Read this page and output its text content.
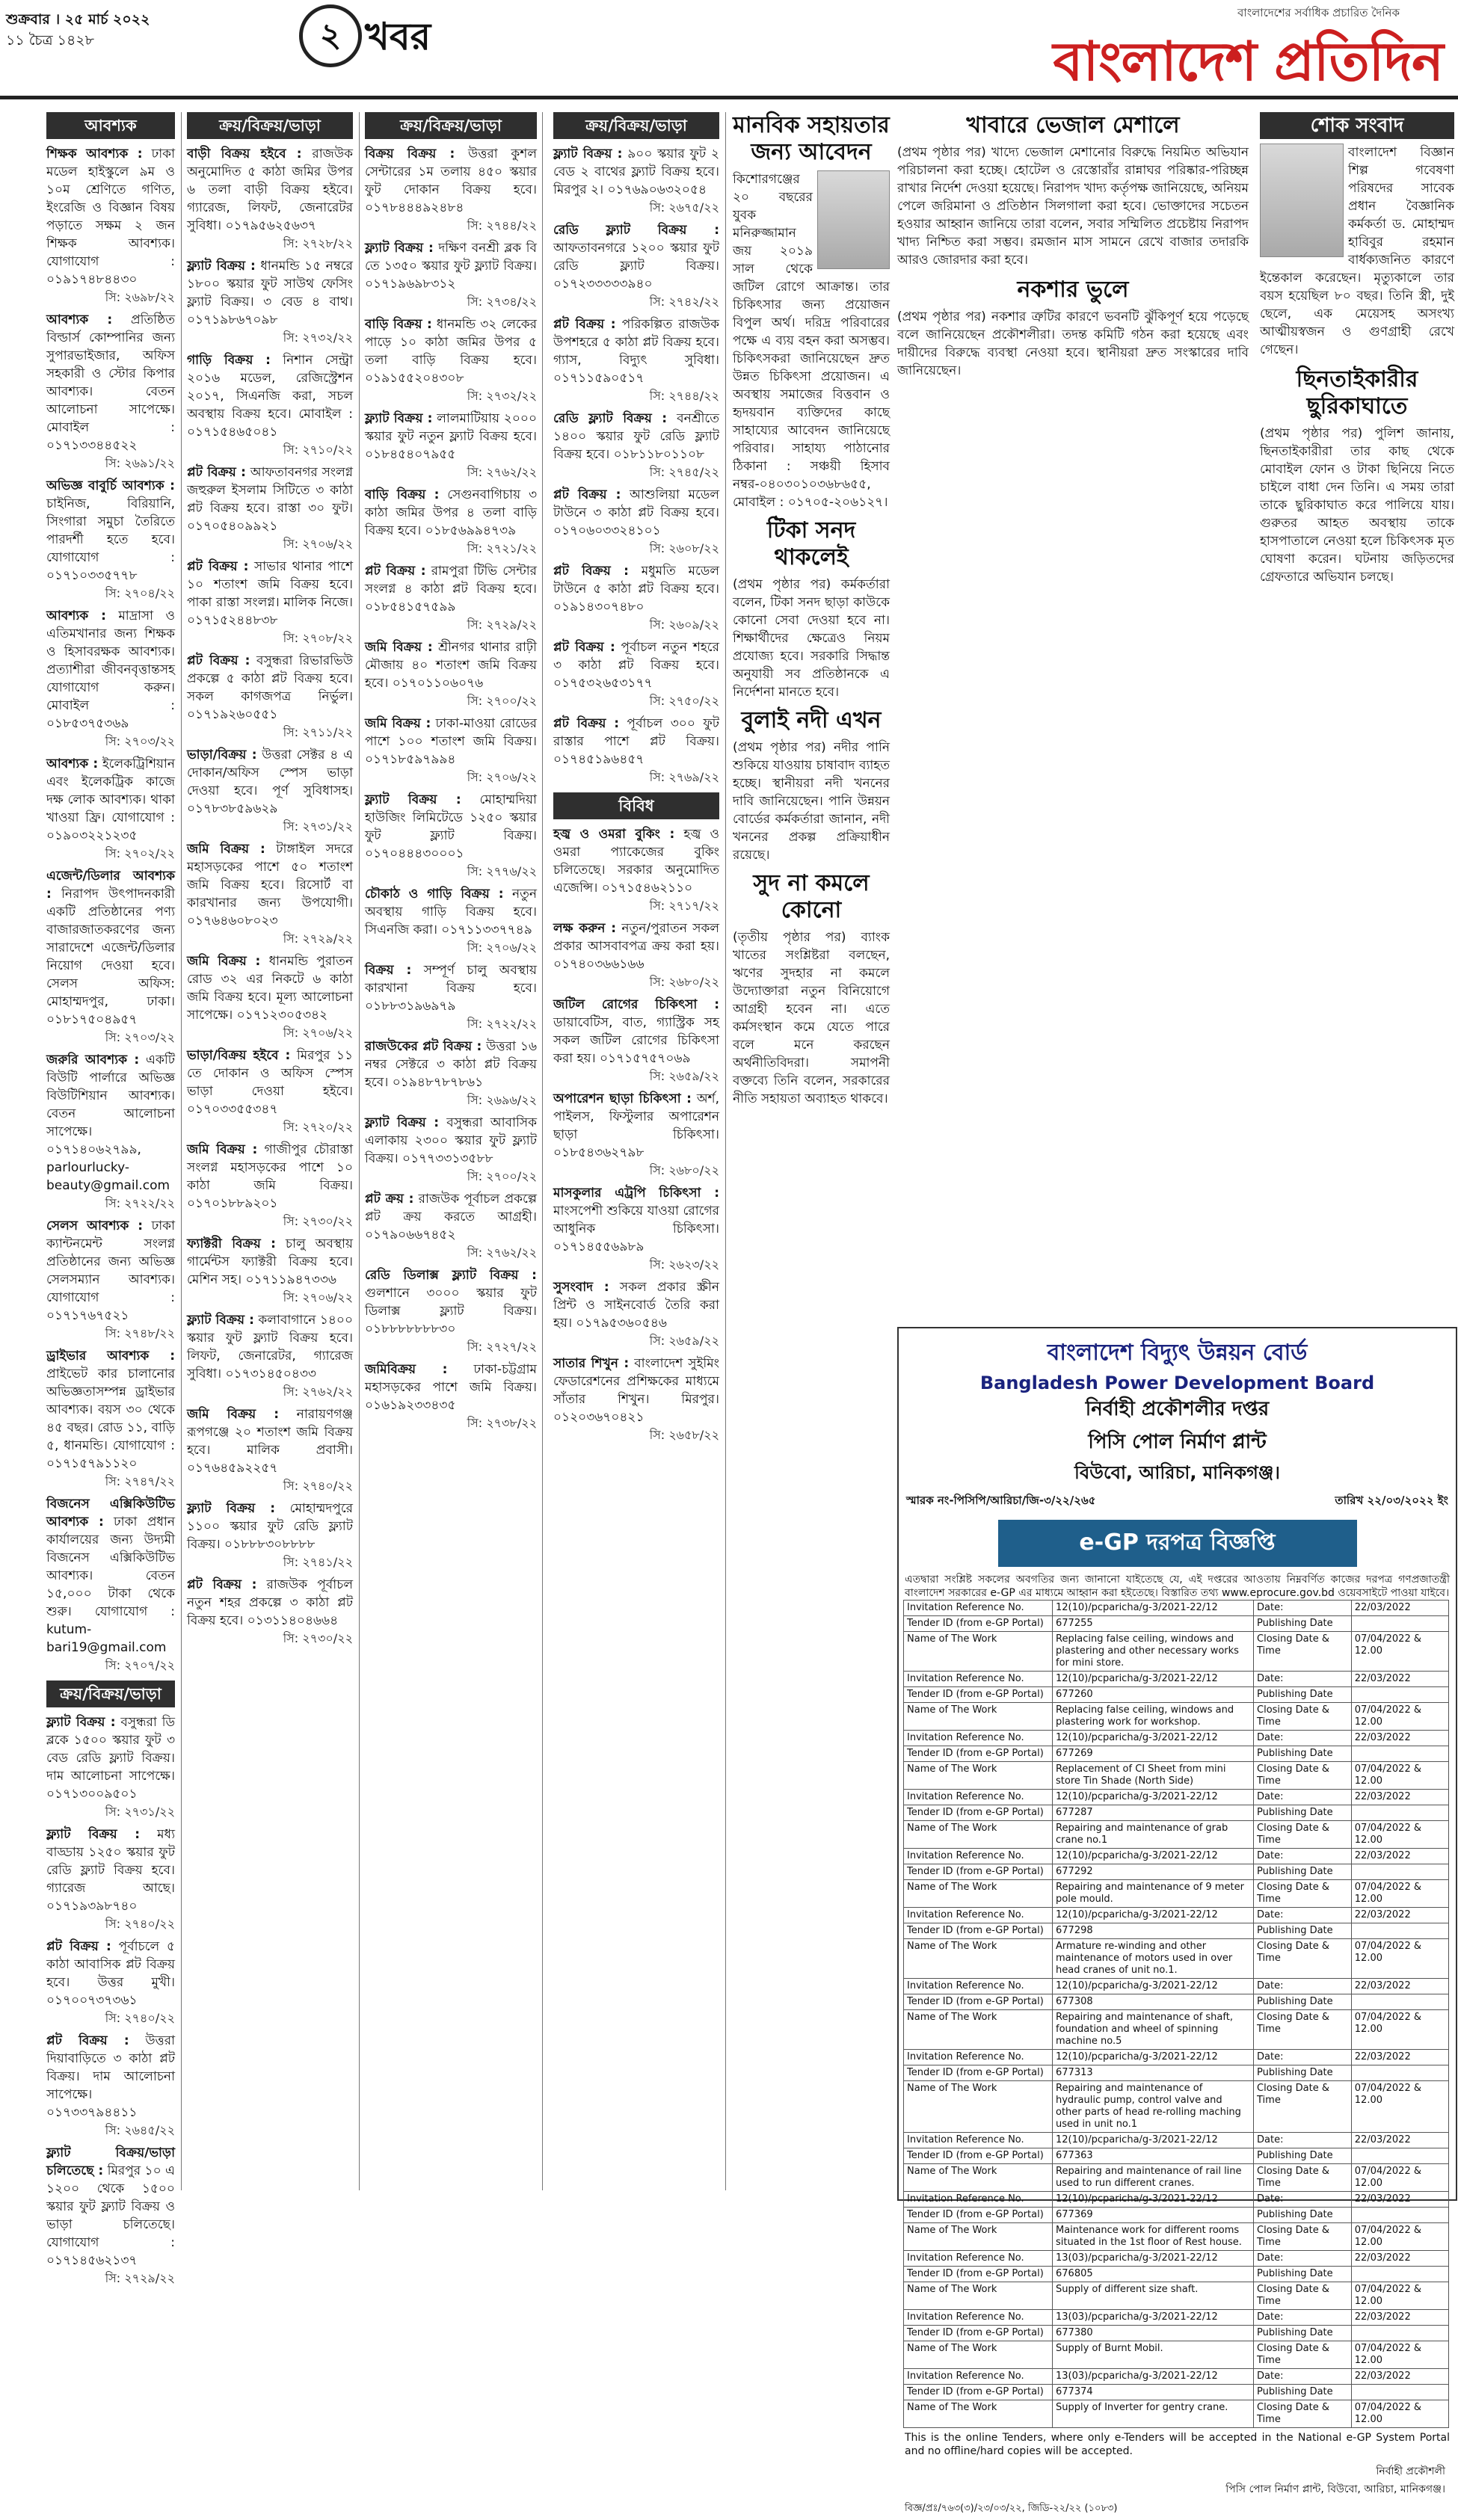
শুক্রবার । ২৫ মার্চ ২০২২
১১ চৈত্র ১৪২৮	২ খবর
বাংলাদেশের সর্বাধিক প্রচারিত দৈনিক
বাংলাদেশ প্রতিদিন
আবশ্যক
শিক্ষক আবশ্যক : ঢাকা মডেল হাইস্কুলে ৯ম ও ১০ম শ্রেণিতে গণিত, ইংরেজি ও বিজ্ঞান বিষয় পড়াতে সক্ষম ২ জন শিক্ষক আবশ্যক। যোগাযোগ : ০১৯১৭৪৮৪৪৩০
সি: ২৬৯৮/২২
আবশ্যক : প্রতিষ্ঠিত বিল্ডার্স কোম্পানির জন্য সুপারভাইজার, অফিস সহকারী ও স্টোর কিপার আবশ্যক। বেতন আলোচনা সাপেক্ষে। মোবাইল : ০১৭১৩৩৪৪৫২২
সি: ২৬৯১/২২
অভিজ্ঞ বাবুর্চি আবশ্যক : চাইনিজ, বিরিয়ানি, সিংগারা সমুচা তৈরিতে পারদর্শী হতে হবে। যোগাযোগ : ০১৭১০৩৩৫৭৭৮
সি: ২৭০৪/২২
আবশ্যক : মাদ্রাসা ও এতিমখানার জন্য শিক্ষক ও হিসাবরক্ষক আবশ্যক। প্রত্যাশীরা জীবনবৃত্তান্তসহ যোগাযোগ করুন। মোবাইল : ০১৮৫৩৭৫৩৬৯
সি: ২৭০৩/২২
আবশ্যক : ইলেকট্রিশিয়ান এবং ইলেকট্রিক কাজে দক্ষ লোক আবশ্যক। থাকা খাওয়া ফ্রি। যোগাযোগ : ০১৯০৩২২১২৩৫
সি: ২৭০২/২২
এজেন্ট/ডিলার আবশ্যক : নিরাপদ উৎপাদনকারী একটি প্রতিষ্ঠানের পণ্য বাজারজাতকরণের জন্য সারাদেশে এজেন্ট/ডিলার নিয়োগ দেওয়া হবে। সেলস অফিস: মোহাম্মদপুর, ঢাকা। ০১৮১৭৫০৪৯৫৭
সি: ২৭০৩/২২
জরুরি আবশ্যক : একটি বিউটি পার্লারে অভিজ্ঞ বিউটিশিয়ান আবশ্যক। বেতন আলোচনা সাপেক্ষে। ০১৭১৪০৬২৭৯৯, parlourlucky-beauty@gmail.com
সি: ২৭২২/২২
সেলস আবশ্যক : ঢাকা ক্যান্টনমেন্ট সংলগ্ন প্রতিষ্ঠানের জন্য অভিজ্ঞ সেলসম্যান আবশ্যক। যোগাযোগ : ০১৭১৭৬৭৫২১
সি: ২৭৪৮/২২
ড্রাইভার আবশ্যক : প্রাইভেট কার চালানোর অভিজ্ঞতাসম্পন্ন ড্রাইভার আবশ্যক। বয়স ৩০ থেকে ৪৫ বছর। রোড ১১, বাড়ি ৫, ধানমন্ডি। যোগাযোগ : ০১৭১৫৭৯১১২০
সি: ২৭৪৭/২২
বিজনেস এক্সিকিউটিভ আবশ্যক : ঢাকা প্রধান কার্যালয়ের জন্য উদ্যমী বিজনেস এক্সিকিউটিভ আবশ্যক। বেতন ১৫,০০০ টাকা থেকে শুরু। যোগাযোগ : kutum-bari19@gmail.com
সি: ২৭০৭/২২
ক্রয়/বিক্রয়/ভাড়া
ফ্ল্যাট বিক্রয় : বসুন্ধরা ডি ব্লকে ১৫০০ স্কয়ার ফুট ৩ বেড রেডি ফ্ল্যাট বিক্রয়। দাম আলোচনা সাপেক্ষে। ০১৭১৩০০৯৫০১
সি: ২৭৩১/২২
ফ্ল্যাট বিক্রয় : মধ্য বাড্ডায় ১২৫০ স্কয়ার ফুট রেডি ফ্ল্যাট বিক্রয় হবে। গ্যারেজ আছে। ০১৭১৯৩৯৮৭৪০
সি: ২৭৪০/২২
প্লট বিক্রয় : পূর্বাচলে ৫ কাঠা আবাসিক প্লট বিক্রয় হবে। উত্তর মুখী। ০১৭০০৭৩৭৩৬১
সি: ২৭৪০/২২
প্লট বিক্রয় : উত্তরা দিয়াবাড়িতে ৩ কাঠা প্লট বিক্রয়। দাম আলোচনা সাপেক্ষে। ০১৭৩৩৭৯৪৪১১
সি: ২৬৪৫/২২
ফ্ল্যাট বিক্রয়/ভাড়া চলিতেছে : মিরপুর ১০ এ ১২০০ থেকে ১৫০০ স্কয়ার ফুট ফ্ল্যাট বিক্রয় ও ভাড়া চলিতেছে। যোগাযোগ : ০১৭১৪৫৬২১৩৭
সি: ২৭২৯/২২
ক্রয়/বিক্রয়/ভাড়া
বাড়ী বিক্রয় হইবে : রাজউক অনুমোদিত ৫ কাঠা জমির উপর ৬ তলা বাড়ী বিক্রয় হইবে। গ্যারেজ, লিফট, জেনারেটর সুবিধা। ০১৭৯৫৬২৫৬৩৭
সি: ২৭২৮/২২
ফ্ল্যাট বিক্রয় : ধানমন্ডি ১৫ নম্বরে ১৮০০ স্কয়ার ফুট সাউথ ফেসিং ফ্ল্যাট বিক্রয়। ৩ বেড ৪ বাথ। ০১৭১৯৮৬৭০৯৮
সি: ২৭৩২/২২
গাড়ি বিক্রয় : নিশান সেন্ট্রা ২০১৬ মডেল, রেজিস্ট্রেশন ২০১৭, সিএনজি করা, সচল অবস্থায় বিক্রয় হবে। মোবাইল : ০১৭১৫৪৬৫০৪১
সি: ২৭১০/২২
প্লট বিক্রয় : আফতাবনগর সংলগ্ন জহুরুল ইসলাম সিটিতে ৩ কাঠা প্লট বিক্রয় হবে। রাস্তা ৩০ ফুট। ০১৭০৫৪০৯৯২১
সি: ২৭০৬/২২
প্লট বিক্রয় : সাভার থানার পাশে ১০ শতাংশ জমি বিক্রয় হবে। পাকা রাস্তা সংলগ্ন। মালিক নিজে। ০১৭১৫২৪৪৮৩৮
সি: ২৭০৮/২২
প্লট বিক্রয় : বসুন্ধরা রিভারভিউ প্রকল্পে ৫ কাঠা প্লট বিক্রয় হবে। সকল কাগজপত্র নির্ভুল। ০১৭১৯২৬০৫৫১
সি: ২৭১১/২২
ভাড়া/বিক্রয় : উত্তরা সেক্টর ৪ এ দোকান/অফিস স্পেস ভাড়া দেওয়া হবে। পূর্ণ সুবিধাসহ। ০১৭৮৩৮৫৯৬২৯
সি: ২৭৩১/২২
জমি বিক্রয় : টাঙ্গাইল সদরে মহাসড়কের পাশে ৫০ শতাংশ জমি বিক্রয় হবে। রিসোর্ট বা কারখানার জন্য উপযোগী। ০১৭৬৪৬০৮০২৩
সি: ২৭২৯/২২
জমি বিক্রয় : ধানমন্ডি পুরাতন রোড ৩২ এর নিকটে ৬ কাঠা জমি বিক্রয় হবে। মূল্য আলোচনা সাপেক্ষে। ০১৭১২৩০৫৩৪২
সি: ২৭০৬/২২
ভাড়া/বিক্রয় হইবে : মিরপুর ১১ তে দোকান ও অফিস স্পেস ভাড়া দেওয়া হইবে। ০১৭০৩৩৫৫৩৪৭
সি: ২৭২০/২২
জমি বিক্রয় : গাজীপুর চৌরাস্তা সংলগ্ন মহাসড়কের পাশে ১০ কাঠা জমি বিক্রয়। ০১৭০১৮৮৯২০১
সি: ২৭৩০/২২
ফ্যাক্টরী বিক্রয় : চালু অবস্থায় গার্মেন্টস ফ্যাক্টরী বিক্রয় হবে। মেশিন সহ। ০১৭১১৯৪৭৩৩৬
সি: ২৭০৬/২২
ফ্ল্যাট বিক্রয় : কলাবাগানে ১৪০০ স্কয়ার ফুট ফ্ল্যাট বিক্রয় হবে। লিফট, জেনারেটর, গ্যারেজ সুবিধা। ০১৭৩১৪৫০৪৩৩
সি: ২৭৬২/২২
জমি বিক্রয় : নারায়ণগঞ্জ রূপগঞ্জে ২০ শতাংশ জমি বিক্রয় হবে। মালিক প্রবাসী। ০১৭৬৪৫৯২২৫৭
সি: ২৭৪০/২২
ফ্ল্যাট বিক্রয় : মোহাম্মদপুরে ১১০০ স্কয়ার ফুট রেডি ফ্ল্যাট বিক্রয়। ০১৮৮৮৩০৮৮৮৮
সি: ২৭৪১/২২
প্লট বিক্রয় : রাজউক পূর্বাচল নতুন শহর প্রকল্পে ৩ কাঠা প্লট বিক্রয় হবে। ০১৩১১৪০৪৬৬৪
সি: ২৭৩০/২২
ক্রয়/বিক্রয়/ভাড়া
বিক্রয় বিক্রয় : উত্তরা কুশল সেন্টারের ১ম তলায় ৪৫০ স্কয়ার ফুট দোকান বিক্রয় হবে। ০১৭৮৪৪৪৯২৪৮৪
সি: ২৭৪৪/২২
ফ্ল্যাট বিক্রয় : দক্ষিণ বনশ্রী ব্লক বি তে ১৩৫০ স্কয়ার ফুট ফ্ল্যাট বিক্রয়। ০১৭১৯৬৯৮৩১২
সি: ২৭৩৪/২২
বাড়ি বিক্রয় : ধানমন্ডি ৩২ লেকের পাড়ে ১০ কাঠা জমির উপর ৫ তলা বাড়ি বিক্রয় হবে। ০১৯১৫৫২০৪৩০৮
সি: ২৭৩২/২২
ফ্ল্যাট বিক্রয় : লালমাটিয়ায় ২০০০ স্কয়ার ফুট নতুন ফ্ল্যাট বিক্রয় হবে। ০১৮৪৫৪০৭৯৫৫
সি: ২৭৬২/২২
বাড়ি বিক্রয় : সেগুনবাগিচায় ৩ কাঠা জমির উপর ৪ তলা বাড়ি বিক্রয় হবে। ০১৮৫৬৯৯৪৭৩৯
সি: ২৭২১/২২
প্লট বিক্রয় : রামপুরা টিভি সেন্টার সংলগ্ন ৪ কাঠা প্লট বিক্রয় হবে। ০১৮৫৪১৫৭৫৯৯
সি: ২৭২৯/২২
জমি বিক্রয় : শ্রীনগর থানার রাঢ়ী মৌজায় ৪০ শতাংশ জমি বিক্রয় হবে। ০১৭০১১০৬০৭৬
সি: ২৭০০/২২
জমি বিক্রয় : ঢাকা-মাওয়া রোডের পাশে ১০০ শতাংশ জমি বিক্রয়। ০১৭১৮৫৯৭৯৯৪
সি: ২৭০৬/২২
ফ্ল্যাট বিক্রয় : মোহাম্মদিয়া হাউজিং লিমিটেডে ১২৫০ স্কয়ার ফুট ফ্ল্যাট বিক্রয়। ০১৭০৪৪৪৩০০০১
সি: ২৭৭৬/২২
চৌকাঠ ও গাড়ি বিক্রয় : নতুন অবস্থায় গাড়ি বিক্রয় হবে। সিএনজি করা। ০১৭১১৩৩৭৭৪৯
সি: ২৭০৬/২২
বিক্রয় : সম্পূর্ণ চালু অবস্থায় কারখানা বিক্রয় হবে। ০১৮৮৩১৯৬৯৭৯
সি: ২৭২২/২২
রাজউকের প্লট বিক্রয় : উত্তরা ১৬ নম্বর সেক্টরে ৩ কাঠা প্লট বিক্রয় হবে। ০১৯৪৮৭৮৭৮৬১
সি: ২৬৯৬/২২
ফ্ল্যাট বিক্রয় : বসুন্ধরা আবাসিক এলাকায় ২৩০০ স্কয়ার ফুট ফ্ল্যাট বিক্রয়। ০১৭৭৩৩১৩৫৮৮
সি: ২৭০০/২২
প্লট ক্রয় : রাজউক পূর্বাচল প্রকল্পে প্লট ক্রয় করতে আগ্রহী। ০১৭৯০৬৬৭৪৫২
সি: ২৭৬২/২২
রেডি ডিলাক্স ফ্ল্যাট বিক্রয় : গুলশানে ৩০০০ স্কয়ার ফুট ডিলাক্স ফ্ল্যাট বিক্রয়। ০১৮৮৮৮৮৮৮৩০
সি: ২৭২৭/২২
জমিবিক্রয় : ঢাকা-চট্টগ্রাম মহাসড়কের পাশে জমি বিক্রয়। ০১৬১৯২৩৩৪৩৫
সি: ২৭৩৮/২২
ক্রয়/বিক্রয়/ভাড়া
ফ্ল্যাট বিক্রয় : ৯০০ স্কয়ার ফুট ২ বেড ২ বাথের ফ্ল্যাট বিক্রয় হবে। মিরপুর ২। ০১৭৬৯০৬৩২০৫৪
সি: ২৬৭৫/২২
রেডি ফ্ল্যাট বিক্রয় : আফতাবনগরে ১২০০ স্কয়ার ফুট রেডি ফ্ল্যাট বিক্রয়। ০১৭২৩৩৩৩৩৯৪০
সি: ২৭৪২/২২
প্লট বিক্রয় : পরিকল্পিত রাজউক উপশহরে ৫ কাঠা প্লট বিক্রয় হবে। গ্যাস, বিদ্যুৎ সুবিধা। ০১৭১১৫৯০৫১৭
সি: ২৭৪৪/২২
রেডি ফ্ল্যাট বিক্রয় : বনশ্রীতে ১৪০০ স্কয়ার ফুট রেডি ফ্ল্যাট বিক্রয় হবে। ০১৮১১৮০১১০৮
সি: ২৭৪৫/২২
প্লট বিক্রয় : আশুলিয়া মডেল টাউনে ৩ কাঠা প্লট বিক্রয় হবে। ০১৭০৬০৩৩২৪১০১
সি: ২৬০৮/২২
প্লট বিক্রয় : মধুমতি মডেল টাউনে ৫ কাঠা প্লট বিক্রয় হবে। ০১৯১৪৩০৭৪৮০
সি: ২৬০৯/২২
প্লট বিক্রয় : পূর্বাচল নতুন শহরে ৩ কাঠা প্লট বিক্রয় হবে। ০১৭৫৩২৬৫৩১৭৭
সি: ২৭৫০/২২
প্লট বিক্রয় : পূর্বাচল ৩০০ ফুট রাস্তার পাশে প্লট বিক্রয়। ০১৭৪৫১৯৬৪৫৭
সি: ২৭৬৯/২২
বিবিধ
হজ্ব ও ওমরা বুকিং : হজ্ব ও ওমরা প্যাকেজের বুকিং চলিতেছে। সরকার অনুমোদিত এজেন্সি। ০১৭১৫৪৬২১১০
সি: ২৭১৭/২২
লক্ষ করুন : নতুন/পুরাতন সকল প্রকার আসবাবপত্র ক্রয় করা হয়। ০১৭৪০৩৬৬১৬৬
সি: ২৬৮০/২২
জটিল রোগের চিকিৎসা : ডায়াবেটিস, বাত, গ্যাস্ট্রিক সহ সকল জটিল রোগের চিকিৎসা করা হয়। ০১৭১৫৭৫৭০৬৯
সি: ২৬৫৯/২২
অপারেশন ছাড়া চিকিৎসা : অর্শ, পাইলস, ফিস্টুলার অপারেশন ছাড়া চিকিৎসা। ০১৮৫৪৩৬২৭৯৮
সি: ২৬৮০/২২
মাসকুলার এট্রপি চিকিৎসা : মাংসপেশী শুকিয়ে যাওয়া রোগের আধুনিক চিকিৎসা। ০১৭১৪৫৫৬৯৮৯
সি: ২৬২৩/২২
সুসংবাদ : সকল প্রকার স্ক্রীন প্রিন্ট ও সাইনবোর্ড তৈরি করা হয়। ০১৭৯৫৩৬০৫৪৬
সি: ২৬৫৯/২২
সাতার শিখুন : বাংলাদেশ সুইমিং ফেডারেশনের প্রশিক্ষকের মাধ্যমে সাঁতার শিখুন। মিরপুর। ০১২০৩৬৭০৪২১
সি: ২৬৫৮/২২
মানবিক সহায়তার জন্য আবেদন

কিশোরগঞ্জের ২০ বছরের যুবক মনিরুজ্জামান জয় ২০১৯ সাল থেকে জটিল রোগে আক্রান্ত। তার চিকিৎসার জন্য প্রয়োজন বিপুল অর্থ। দরিদ্র পরিবারের পক্ষে এ ব্যয় বহন করা অসম্ভব। চিকিৎসকরা জানিয়েছেন দ্রুত উন্নত চিকিৎসা প্রয়োজন। এ অবস্থায় সমাজের বিত্তবান ও হৃদয়বান ব্যক্তিদের কাছে সাহায্যের আবেদন জানিয়েছে পরিবার। সাহায্য পাঠানোর ঠিকানা : সঞ্চয়ী হিসাব নম্বর-০৪০৩০১০৩৬৮৬৫৫, মোবাইল : ০১৭০৫-২০৬১২৭।

টিকা সনদ থাকলেই

(প্রথম পৃষ্ঠার পর) কর্মকর্তারা বলেন, টিকা সনদ ছাড়া কাউকে কোনো সেবা দেওয়া হবে না। শিক্ষার্থীদের ক্ষেত্রেও নিয়ম প্রযোজ্য হবে। সরকারি সিদ্ধান্ত অনুযায়ী সব প্রতিষ্ঠানকে এ নির্দেশনা মানতে হবে।

বুলাই নদী এখন

(প্রথম পৃষ্ঠার পর) নদীর পানি শুকিয়ে যাওয়ায় চাষাবাদ ব্যাহত হচ্ছে। স্থানীয়রা নদী খননের দাবি জানিয়েছেন। পানি উন্নয়ন বোর্ডের কর্মকর্তারা জানান, নদী খননের প্রকল্প প্রক্রিয়াধীন রয়েছে।

সুদ না কমলে কোনো

(তৃতীয় পৃষ্ঠার পর) ব্যাংক খাতের সংশ্লিষ্টরা বলছেন, ঋণের সুদহার না কমলে উদ্যোক্তারা নতুন বিনিয়োগে আগ্রহী হবেন না। এতে কর্মসংস্থান কমে যেতে পারে বলে মনে করছেন অর্থনীতিবিদরা। সমাপনী বক্তব্যে তিনি বলেন, সরকারের নীতি সহায়তা অব্যাহত থাকবে।

খাবারে ভেজাল মেশালে

(প্রথম পৃষ্ঠার পর) খাদ্যে ভেজাল মেশানোর বিরুদ্ধে নিয়মিত অভিযান পরিচালনা করা হচ্ছে। হোটেল ও রেস্তোরাঁর রান্নাঘর পরিষ্কার-পরিচ্ছন্ন রাখার নির্দেশ দেওয়া হয়েছে। নিরাপদ খাদ্য কর্তৃপক্ষ জানিয়েছে, অনিয়ম পেলে জরিমানা ও প্রতিষ্ঠান সিলগালা করা হবে। ভোক্তাদের সচেতন হওয়ার আহ্বান জানিয়ে তারা বলেন, সবার সম্মিলিত প্রচেষ্টায় নিরাপদ খাদ্য নিশ্চিত করা সম্ভব। রমজান মাস সামনে রেখে বাজার তদারকি আরও জোরদার করা হবে।

নকশার ভুলে

(প্রথম পৃষ্ঠার পর) নকশার ত্রুটির কারণে ভবনটি ঝুঁকিপূর্ণ হয়ে পড়েছে বলে জানিয়েছেন প্রকৌশলীরা। তদন্ত কমিটি গঠন করা হয়েছে এবং দায়ীদের বিরুদ্ধে ব্যবস্থা নেওয়া হবে। স্থানীয়রা দ্রুত সংস্কারের দাবি জানিয়েছেন।

শোক সংবাদ

বাংলাদেশ বিজ্ঞান শিল্প গবেষণা পরিষদের সাবেক প্রধান বৈজ্ঞানিক কর্মকর্তা ড. মোহাম্মদ হাবিবুর রহমান বার্ধক্যজনিত কারণে ইন্তেকাল করেছেন। মৃত্যুকালে তার বয়স হয়েছিল ৮০ বছর। তিনি স্ত্রী, দুই ছেলে, এক মেয়েসহ অসংখ্য আত্মীয়স্বজন ও গুণগ্রাহী রেখে গেছেন।

ছিনতাইকারীর ছুরিকাঘাতে

(প্রথম পৃষ্ঠার পর) পুলিশ জানায়, ছিনতাইকারীরা তার কাছ থেকে মোবাইল ফোন ও টাকা ছিনিয়ে নিতে চাইলে বাধা দেন তিনি। এ সময় তারা তাকে ছুরিকাঘাত করে পালিয়ে যায়। গুরুতর আহত অবস্থায় তাকে হাসপাতালে নেওয়া হলে চিকিৎসক মৃত ঘোষণা করেন। ঘটনায় জড়িতদের গ্রেফতারে অভিযান চলছে।

বাংলাদেশ বিদ্যুৎ উন্নয়ন বোর্ড
Bangladesh Power Development Board
নির্বাহী প্রকৌশলীর দপ্তর
পিসি পোল নির্মাণ প্লান্ট
বিউবো, আরিচা, মানিকগঞ্জ।
স্মারক নং-পিসিপি/আরিচা/জি-৩/২২/২৬৫	তারিখ ২২/০৩/২০২২ ইং
e-GP দরপত্র বিজ্ঞপ্তি
এতদ্বারা সংশ্লিষ্ট সকলের অবগতির জন্য জানানো যাইতেছে যে, এই দপ্তরের আওতায় নিম্নবর্ণিত কাজের দরপত্র গণপ্রজাতন্ত্রী বাংলাদেশ সরকারের e-GP এর মাধ্যমে আহ্বান করা হইতেছে। বিস্তারিত তথ্য www.eprocure.gov.bd ওয়েবসাইটে পাওয়া যাইবে।
Invitation Reference No.	12(10)/pcparicha/g-3/2021-22/12	Date:	22/03/2022
Tender ID (from e-GP Portal)	677255	Publishing Date	
Name of The Work	Replacing false ceiling, windows and plastering and other necessary works for mini store.	Closing Date & Time	07/04/2022 & 12.00
Invitation Reference No.	12(10)/pcparicha/g-3/2021-22/12	Date:	22/03/2022
Tender ID (from e-GP Portal)	677260	Publishing Date	
Name of The Work	Replacing false ceiling, windows and plastering work for workshop.	Closing Date & Time	07/04/2022 & 12.00
Invitation Reference No.	12(10)/pcparicha/g-3/2021-22/12	Date:	22/03/2022
Tender ID (from e-GP Portal)	677269	Publishing Date	
Name of The Work	Replacement of CI Sheet from mini store Tin Shade (North Side)	Closing Date & Time	07/04/2022 & 12.00
Invitation Reference No.	12(10)/pcparicha/g-3/2021-22/12	Date:	22/03/2022
Tender ID (from e-GP Portal)	677287	Publishing Date	
Name of The Work	Repairing and maintenance of grab crane no.1	Closing Date & Time	07/04/2022 & 12.00
Invitation Reference No.	12(10)/pcparicha/g-3/2021-22/12	Date:	22/03/2022
Tender ID (from e-GP Portal)	677292	Publishing Date	
Name of The Work	Repairing and maintenance of 9 meter pole mould.	Closing Date & Time	07/04/2022 & 12.00
Invitation Reference No.	12(10)/pcparicha/g-3/2021-22/12	Date:	22/03/2022
Tender ID (from e-GP Portal)	677298	Publishing Date	
Name of The Work	Armature re-winding and other maintenance of motors used in over head cranes of unit no.1.	Closing Date & Time	07/04/2022 & 12.00
Invitation Reference No.	12(10)/pcparicha/g-3/2021-22/12	Date:	22/03/2022
Tender ID (from e-GP Portal)	677308	Publishing Date	
Name of The Work	Repairing and maintenance of shaft, foundation and wheel of spinning machine no.5	Closing Date & Time	07/04/2022 & 12.00
Invitation Reference No.	12(10)/pcparicha/g-3/2021-22/12	Date:	22/03/2022
Tender ID (from e-GP Portal)	677313	Publishing Date	
Name of The Work	Repairing and maintenance of hydraulic pump, control valve and other parts of head re-rolling maching used in unit no.1	Closing Date & Time	07/04/2022 & 12.00
Invitation Reference No.	12(10)/pcparicha/g-3/2021-22/12	Date:	22/03/2022
Tender ID (from e-GP Portal)	677363	Publishing Date	
Name of The Work	Repairing and maintenance of rail line used to run different cranes.	Closing Date & Time	07/04/2022 & 12.00
Invitation Reference No.	12(10)/pcparicha/g-3/2021-22/12	Date:	22/03/2022
Tender ID (from e-GP Portal)	677369	Publishing Date	
Name of The Work	Maintenance work for different rooms situated in the 1st floor of Rest house.	Closing Date & Time	07/04/2022 & 12.00
Invitation Reference No.	13(03)/pcparicha/g-3/2021-22/12	Date:	22/03/2022
Tender ID (from e-GP Portal)	676805	Publishing Date	
Name of The Work	Supply of different size shaft.	Closing Date & Time	07/04/2022 & 12.00
Invitation Reference No.	13(03)/pcparicha/g-3/2021-22/12	Date:	22/03/2022
Tender ID (from e-GP Portal)	677380	Publishing Date	
Name of The Work	Supply of Burnt Mobil.	Closing Date & Time	07/04/2022 & 12.00
Invitation Reference No.	13(03)/pcparicha/g-3/2021-22/12	Date:	22/03/2022
Tender ID (from e-GP Portal)	677374	Publishing Date	
Name of The Work	Supply of Inverter for gentry crane.	Closing Date & Time	07/04/2022 & 12.00
This is the online Tenders, where only e-Tenders will be accepted in the National e-GP System Portal and no offline/hard copies will be accepted.
নির্বাহী প্রকৌশলী
পিসি পোল নির্মাণ প্লান্ট, বিউবো, আরিচা, মানিকগঞ্জ।
বিজ্ঞ/প্রঃ/৭৬৩(৩)/২৩/০৩/২২, জিডি-২২/২২ (১০৮৩)
